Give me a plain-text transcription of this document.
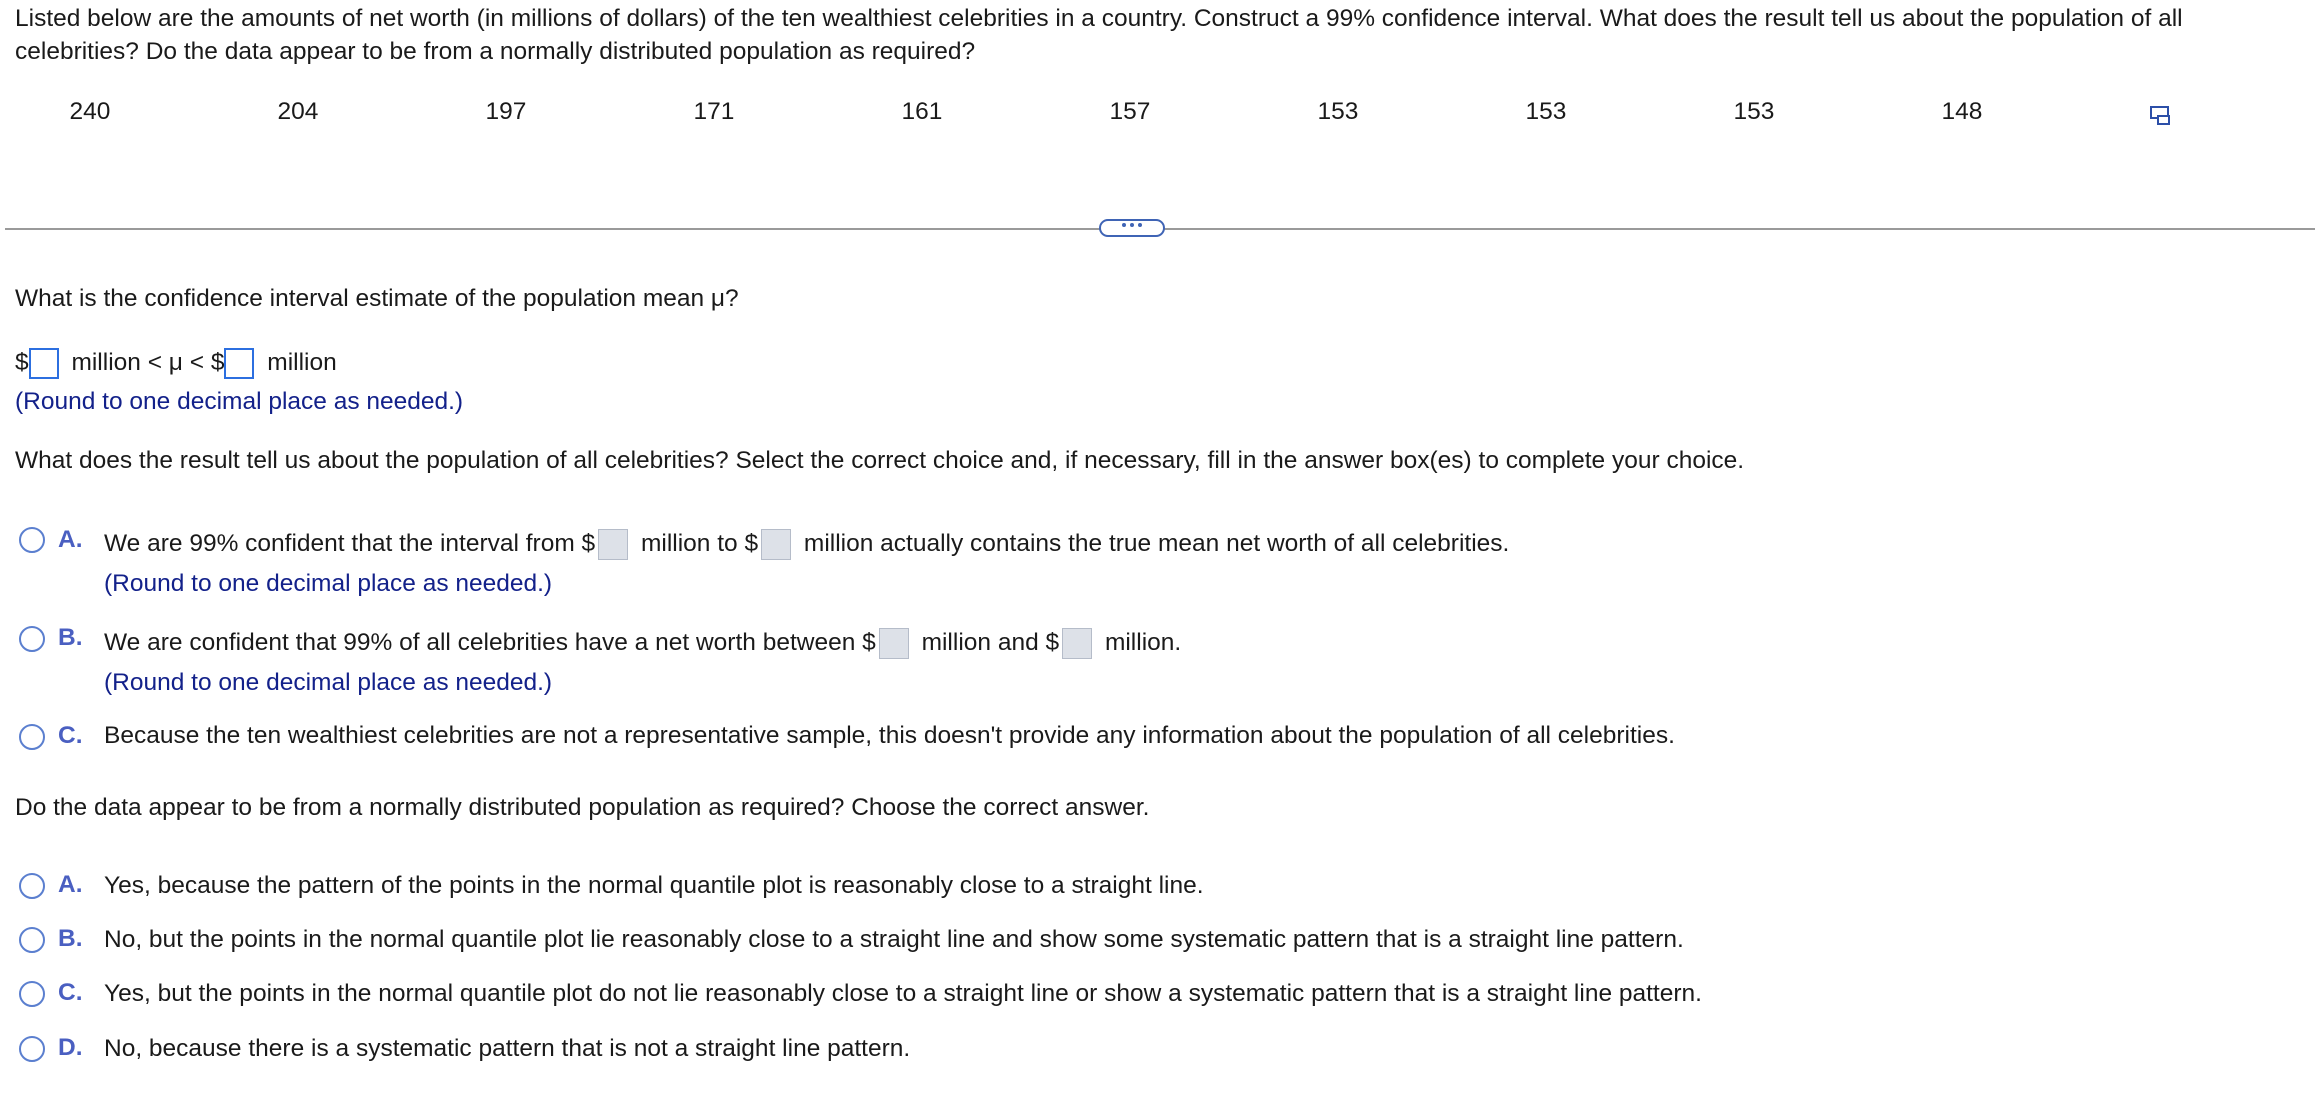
Listed below are the amounts of net worth (in millions of dollars) of the ten wealthiest celebrities in a country. Construct a 99% confidence interval. What does the result tell us about the population of all celebrities? Do the data appear to be from a normally distributed population as required?
240	204	197	171	161	157	153	153	153	148
What is the confidence interval estimate of the population mean μ?
$ million < μ < $ million
(Round to one decimal place as needed.)
What does the result tell us about the population of all celebrities? Select the correct choice and, if necessary, fill in the answer box(es) to complete your choice.
A. We are 99% confident that the interval from $ million to $ million actually contains the true mean net worth of all celebrities.
(Round to one decimal place as needed.)
B. We are confident that 99% of all celebrities have a net worth between $ million and $ million.
(Round to one decimal place as needed.)
C. Because the ten wealthiest celebrities are not a representative sample, this doesn't provide any information about the population of all celebrities.
Do the data appear to be from a normally distributed population as required? Choose the correct answer.
A. Yes, because the pattern of the points in the normal quantile plot is reasonably close to a straight line.
B. No, but the points in the normal quantile plot lie reasonably close to a straight line and show some systematic pattern that is a straight line pattern.
C. Yes, but the points in the normal quantile plot do not lie reasonably close to a straight line or show a systematic pattern that is a straight line pattern.
D. No, because there is a systematic pattern that is not a straight line pattern.
